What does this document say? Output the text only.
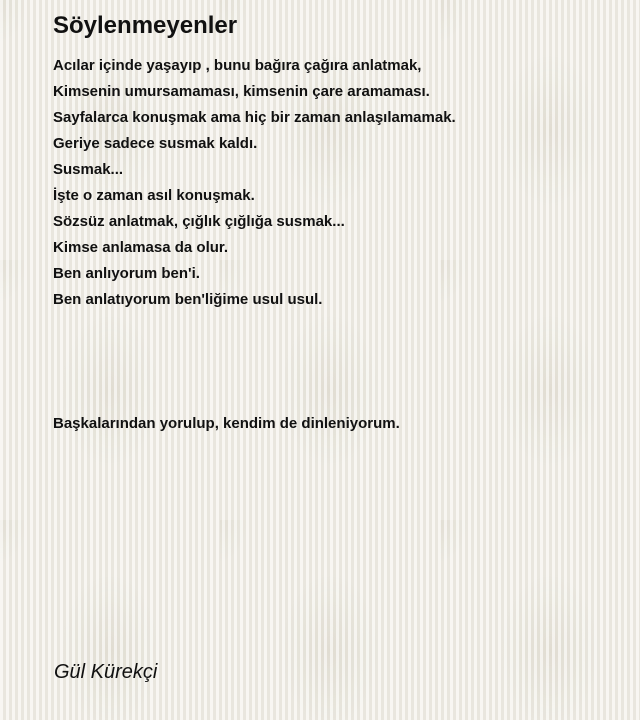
Söylenmeyenler
Acılar içinde yaşayıp , bunu bağıra çağıra anlatmak,
Kimsenin umursamaması, kimsenin çare aramaması.
Sayfalarca konuşmak ama hiç bir zaman anlaşılamamak.
Geriye sadece susmak kaldı.
Susmak...
İşte o zaman asıl konuşmak.
Sözsüz anlatmak, çığlık çığlığa susmak...
Kimse anlamasa da olur.
Ben anlıyorum ben'i.
Ben anlatıyorum ben'liğime usul usul.

Başkalarından yorulup, kendim de dinleniyorum.

Gül Kürekçi
